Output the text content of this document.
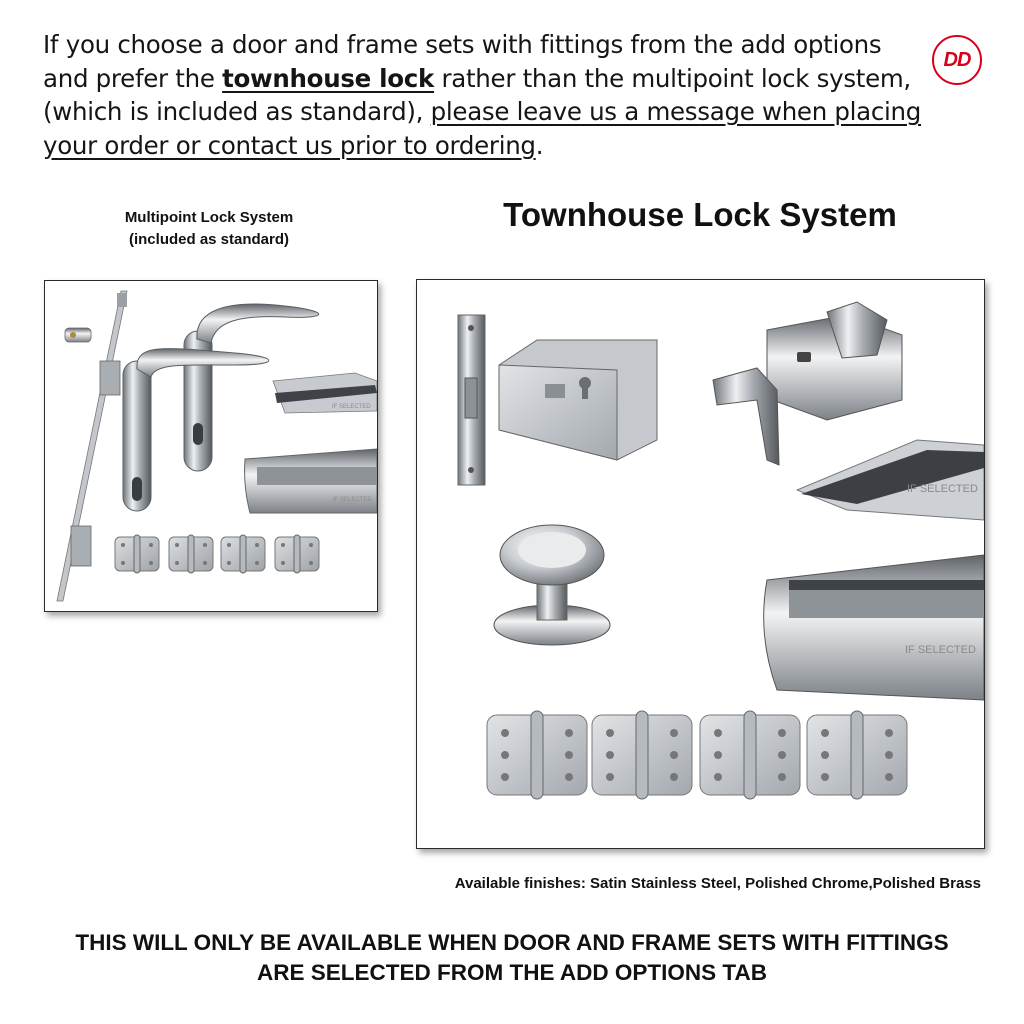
If you choose a door and frame sets with fittings from the add options and prefer the townhouse lock rather than the multipoint lock system, (which is included as standard), please leave us a message when placing your order or contact us prior to ordering.
DD
Multipoint Lock System
(included as standard)
Townhouse Lock System
IF SELECTED
IF SELECTED
IF SELECTED
IF SELECTED
Available finishes: Satin Stainless Steel, Polished Chrome,Polished Brass
THIS WILL ONLY BE AVAILABLE WHEN DOOR AND FRAME SETS WITH FITTINGS
ARE SELECTED FROM THE ADD OPTIONS TAB
